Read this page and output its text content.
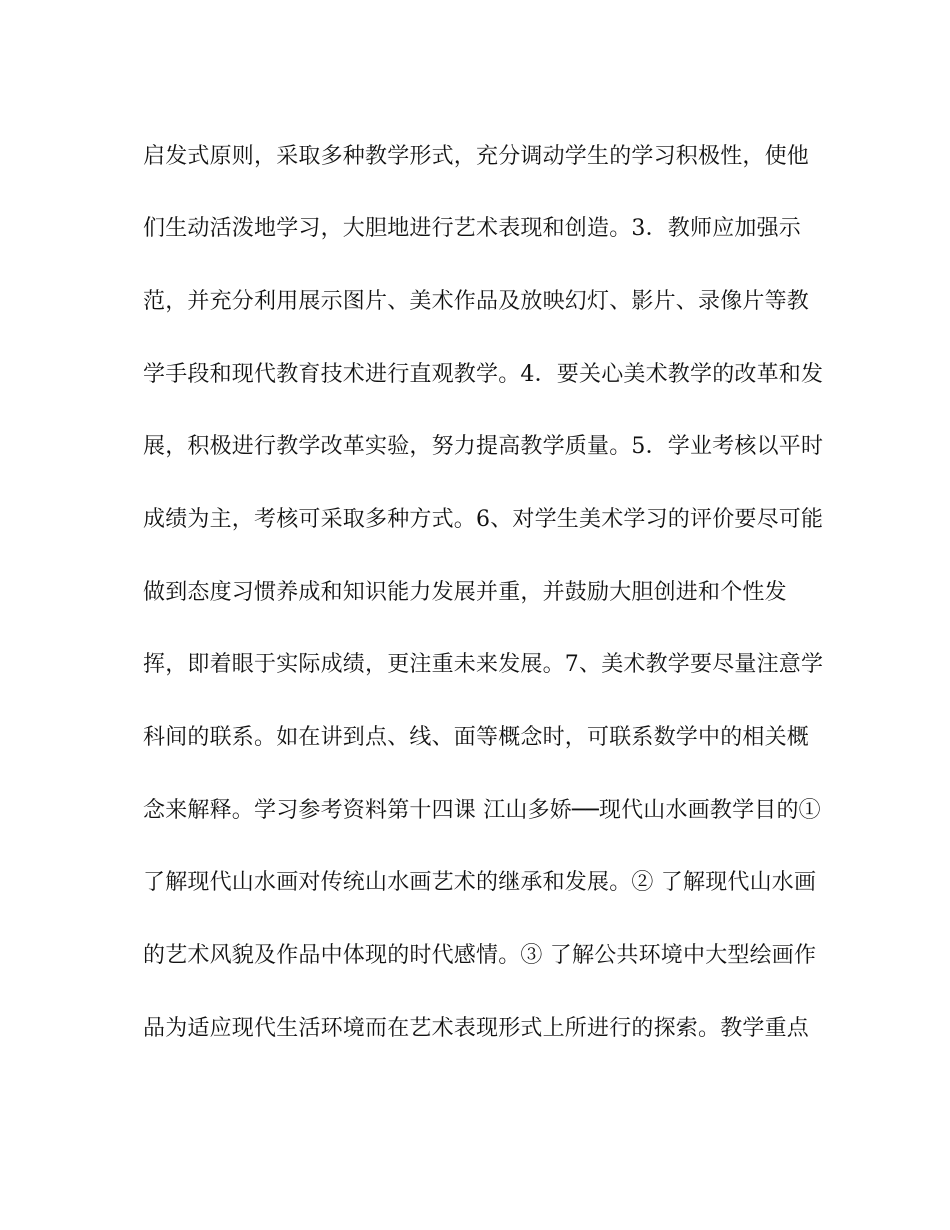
启发式原则，采取多种教学形式，充分调动学生的学习积极性，使他
们生动活泼地学习，大胆地进行艺术表现和创造。3．教师应加强示
范，并充分利用展示图片、美术作品及放映幻灯、影片、录像片等教
学手段和现代教育技术进行直观教学。4．要关心美术教学的改革和发
展，积极进行教学改革实验，努力提高教学质量。5．学业考核以平时
成绩为主，考核可采取多种方式。6、对学生美术学习的评价要尽可能
做到态度习惯养成和知识能力发展并重，并鼓励大胆创进和个性发
挥，即着眼于实际成绩，更注重未来发展。7、美术教学要尽量注意学
科间的联系。如在讲到点、线、面等概念时，可联系数学中的相关概
念来解释。学习参考资料第十四课 江山多娇──现代山水画教学目的①
了解现代山水画对传统山水画艺术的继承和发展。② 了解现代山水画
的艺术风貌及作品中体现的时代感情。③ 了解公共环境中大型绘画作
品为适应现代生活环境而在艺术表现形式上所进行的探索。教学重点
